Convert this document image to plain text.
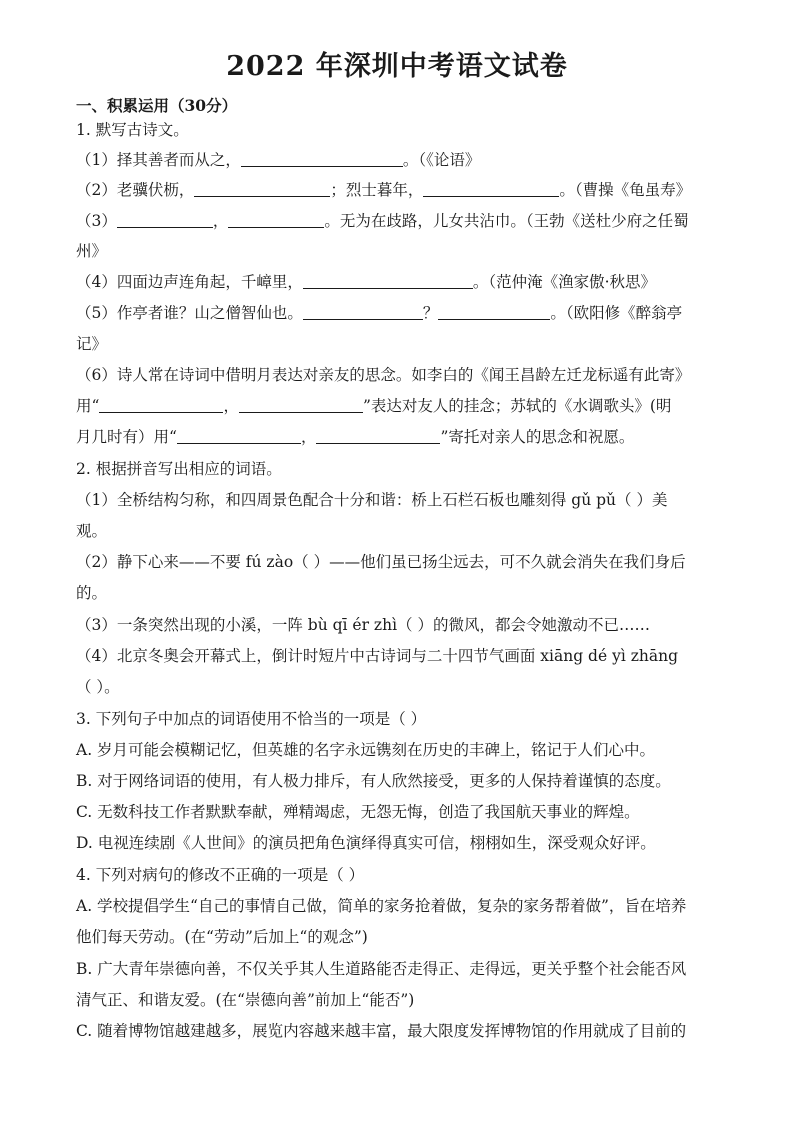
2022 年深圳中考语文试卷
一、积累运用（30分）
1. 默写古诗文。
（1）择其善者而从之，	。（《论语》
（2）老骥伏枥，	；烈士暮年，	。（曹操《龟虽寿》
（3）	，	。无为在歧路，儿女共沾巾。（王勃《送杜少府之任蜀
州》
（4）四面边声连角起，千嶂里，	。（范仲淹《渔家傲·秋思》
（5）作亭者谁？山之僧智仙也。	？	。（欧阳修《醉翁亭
记》
（6）诗人常在诗词中借明月表达对亲友的思念。如李白的《闻王昌龄左迁龙标遥有此寄》
用“	，	”表达对友人的挂念；苏轼的《水调歌头》(明
月几时有）用“	，	”寄托对亲人的思念和祝愿。
2. 根据拼音写出相应的词语。
（1）全桥结构匀称，和四周景色配合十分和谐：桥上石栏石板也雕刻得 gǔ pǔ（ ）美
观。
（2）静下心来——不要 fú zào（ ）——他们虽已扬尘远去，可不久就会消失在我们身后
的。
（3）一条突然出现的小溪，一阵 bù qī ér zhì（ ）的微风，都会令她激动不已……
（4）北京冬奥会开幕式上，倒计时短片中古诗词与二十四节气画面 xiāng dé yì zhāng
（ ）。
3. 下列句子中加点的词语使用不恰当的一项是（ ）
A. 岁月可能会模糊记忆，但英雄的名字永远镌刻在历史的丰碑上，铭记于人们心中。
B. 对于网络词语的使用，有人极力排斥，有人欣然接受，更多的人保持着谨慎的态度。
C. 无数科技工作者默默奉献，殚精竭虑，无怨无悔，创造了我国航天事业的辉煌。
D. 电视连续剧《人世间》的演员把角色演绎得真实可信，栩栩如生，深受观众好评。
4. 下列对病句的修改不正确的一项是（ ）
A. 学校提倡学生“自己的事情自己做，简单的家务抢着做，复杂的家务帮着做”，旨在培养
他们每天劳动。(在“劳动”后加上“的观念”)
B. 广大青年崇德向善，不仅关乎其人生道路能否走得正、走得远，更关乎整个社会能否风
清气正、和谐友爱。(在“崇德向善”前加上“能否”)
C. 随着博物馆越建越多，展览内容越来越丰富，最大限度发挥博物馆的作用就成了目前的
